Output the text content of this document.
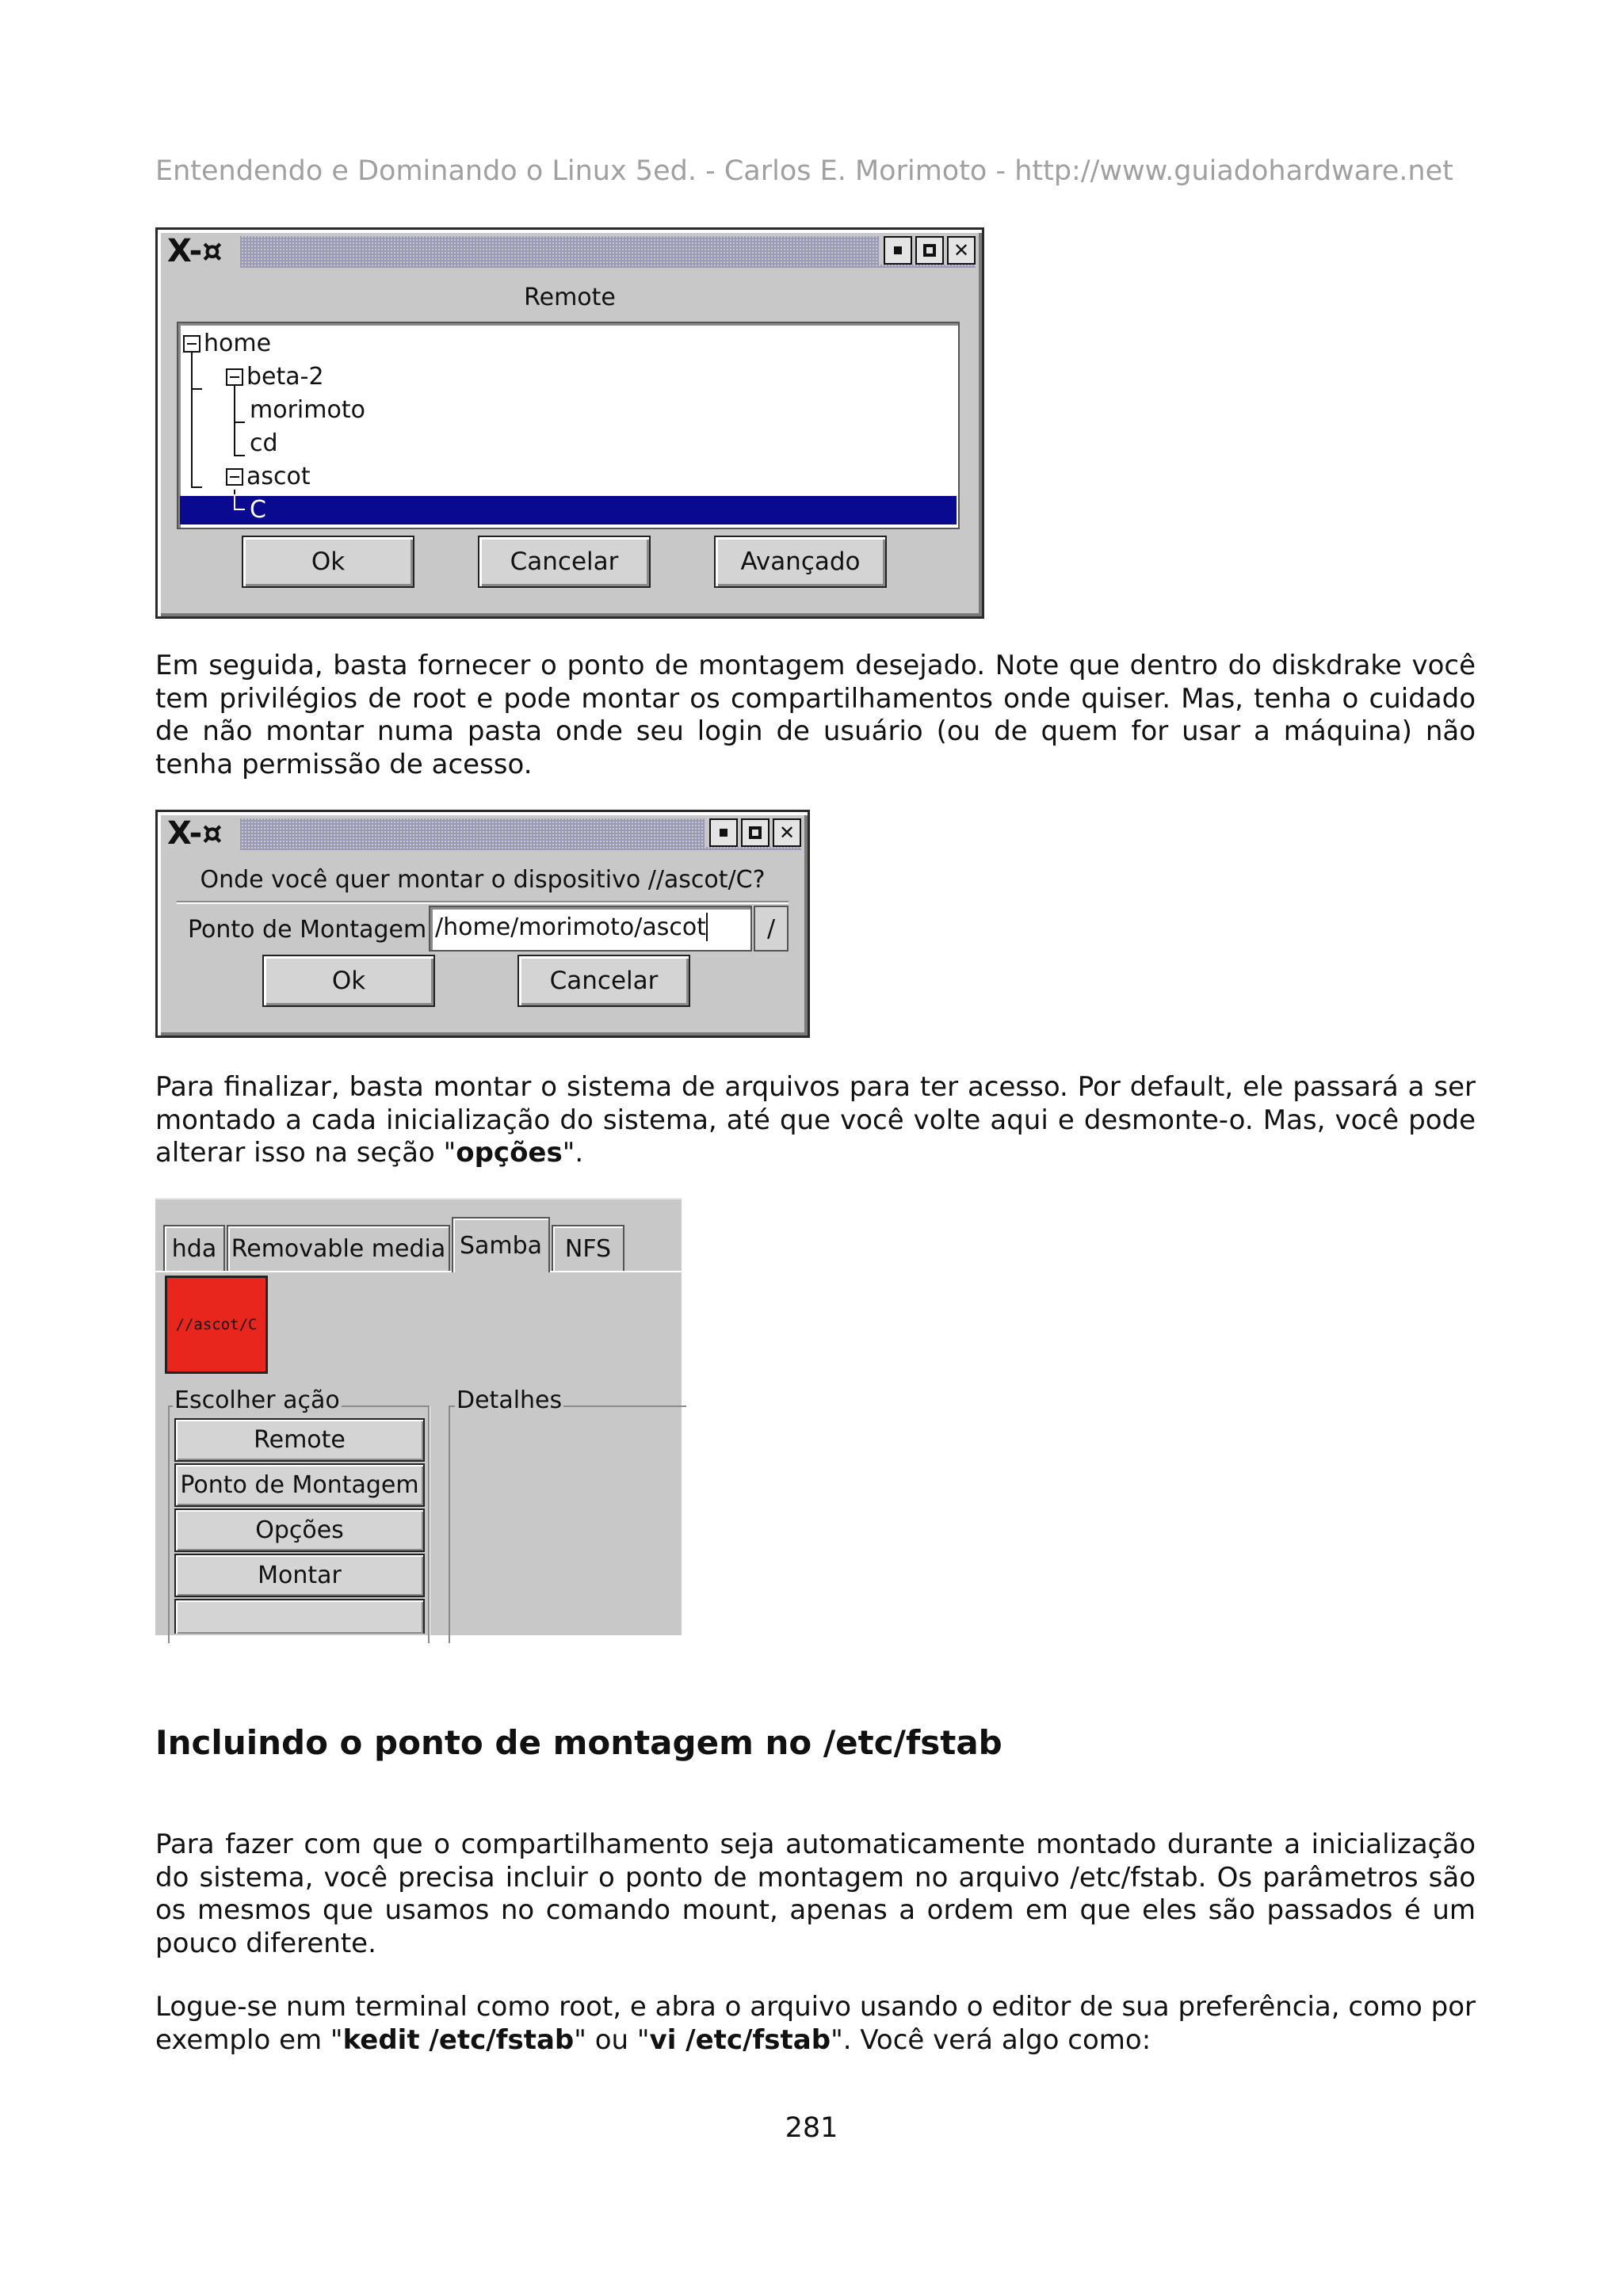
Entendendo e Dominando o Linux 5ed. - Carlos E. Morimoto - http://www.guiadohardware.net
X-¤
✕
Remote
home
beta-2
morimoto
cd
ascot
C
Ok	Cancelar	Avançado
Em seguida, basta fornecer o ponto de montagem desejado. Note que dentro do diskdrake você tem privilégios de root e pode montar os compartilhamentos onde quiser. Mas, tenha o cuidado de não montar numa pasta onde seu login de usuário (ou de quem for usar a máquina) não tenha permissão de acesso.
X-¤
✕
Onde você quer montar o dispositivo //ascot/C?
Ponto de Montagem /home/morimoto/ascot	/
Ok	Cancelar
Para finalizar, basta montar o sistema de arquivos para ter acesso. Por default, ele passará a ser montado a cada inicialização do sistema, até que você volte aqui e desmonte-o. Mas, você pode alterar isso na seção "opções".
hda Removable media Samba NFS
//ascot/C
Escolher ação	Detalhes
Remote
Ponto de Montagem
Opções
Montar
Incluindo o ponto de montagem no /etc/fstab
Para fazer com que o compartilhamento seja automaticamente montado durante a inicialização do sistema, você precisa incluir o ponto de montagem no arquivo /etc/fstab. Os parâmetros são os mesmos que usamos no comando mount, apenas a ordem em que eles são passados é um pouco diferente.
Logue-se num terminal como root, e abra o arquivo usando o editor de sua preferência, como por exemplo em "kedit /etc/fstab" ou "vi /etc/fstab". Você verá algo como:
281
